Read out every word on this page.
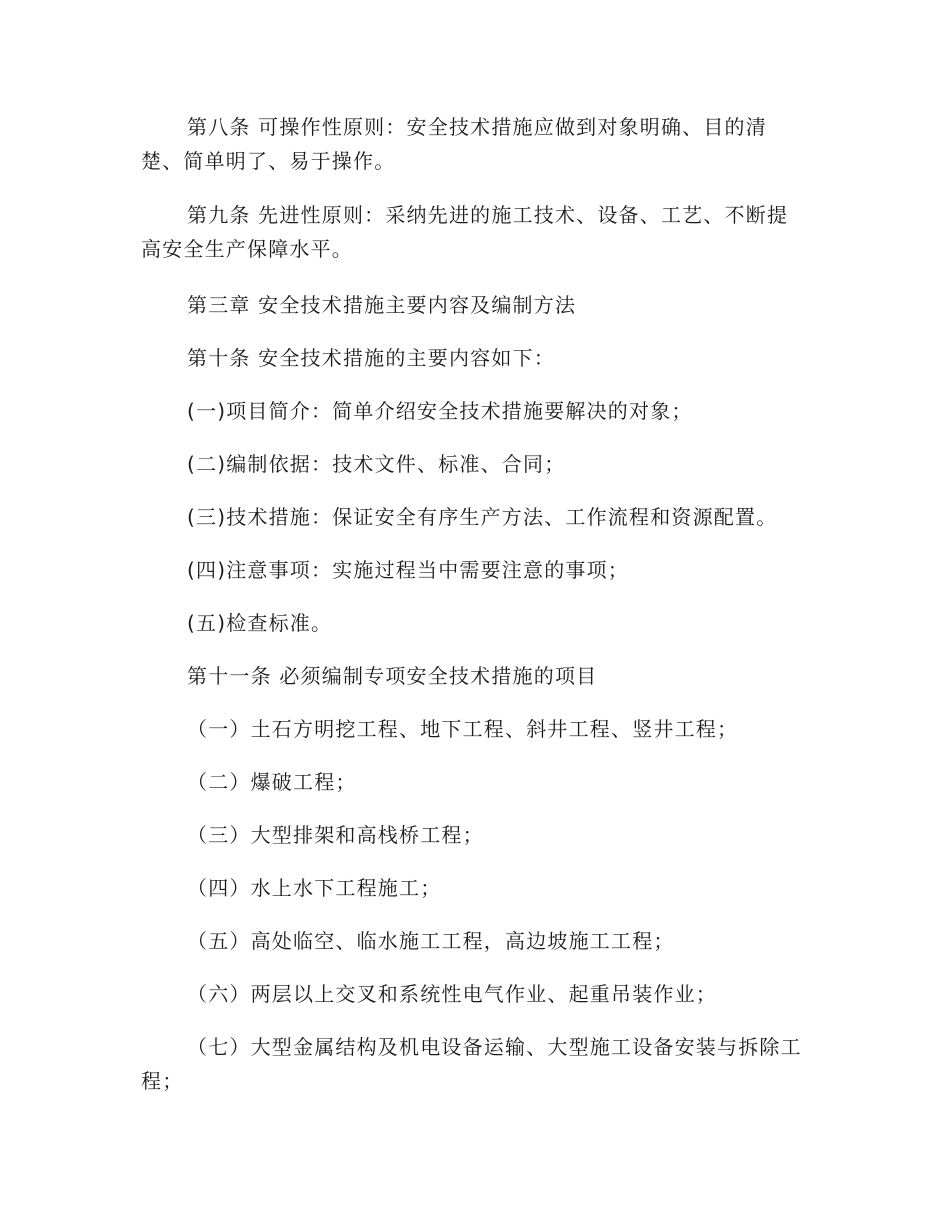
第八条 可操作性原则：安全技术措施应做到对象明确、目的清楚、简单明了、易于操作。

第九条 先进性原则：采纳先进的施工技术、设备、工艺、不断提高安全生产保障水平。

第三章 安全技术措施主要内容及编制方法

第十条 安全技术措施的主要内容如下：

(一)项目简介：简单介绍安全技术措施要解决的对象；

(二)编制依据：技术文件、标准、合同；

(三)技术措施：保证安全有序生产方法、工作流程和资源配置。

(四)注意事项：实施过程当中需要注意的事项；

(五)检查标准。

第十一条 必须编制专项安全技术措施的项目

（一）土石方明挖工程、地下工程、斜井工程、竖井工程；

（二）爆破工程；

（三）大型排架和高栈桥工程；

（四）水上水下工程施工；

（五）高处临空、临水施工工程，高边坡施工工程；

（六）两层以上交叉和系统性电气作业、起重吊装作业；

（七）大型金属结构及机电设备运输、大型施工设备安装与拆除工程；
